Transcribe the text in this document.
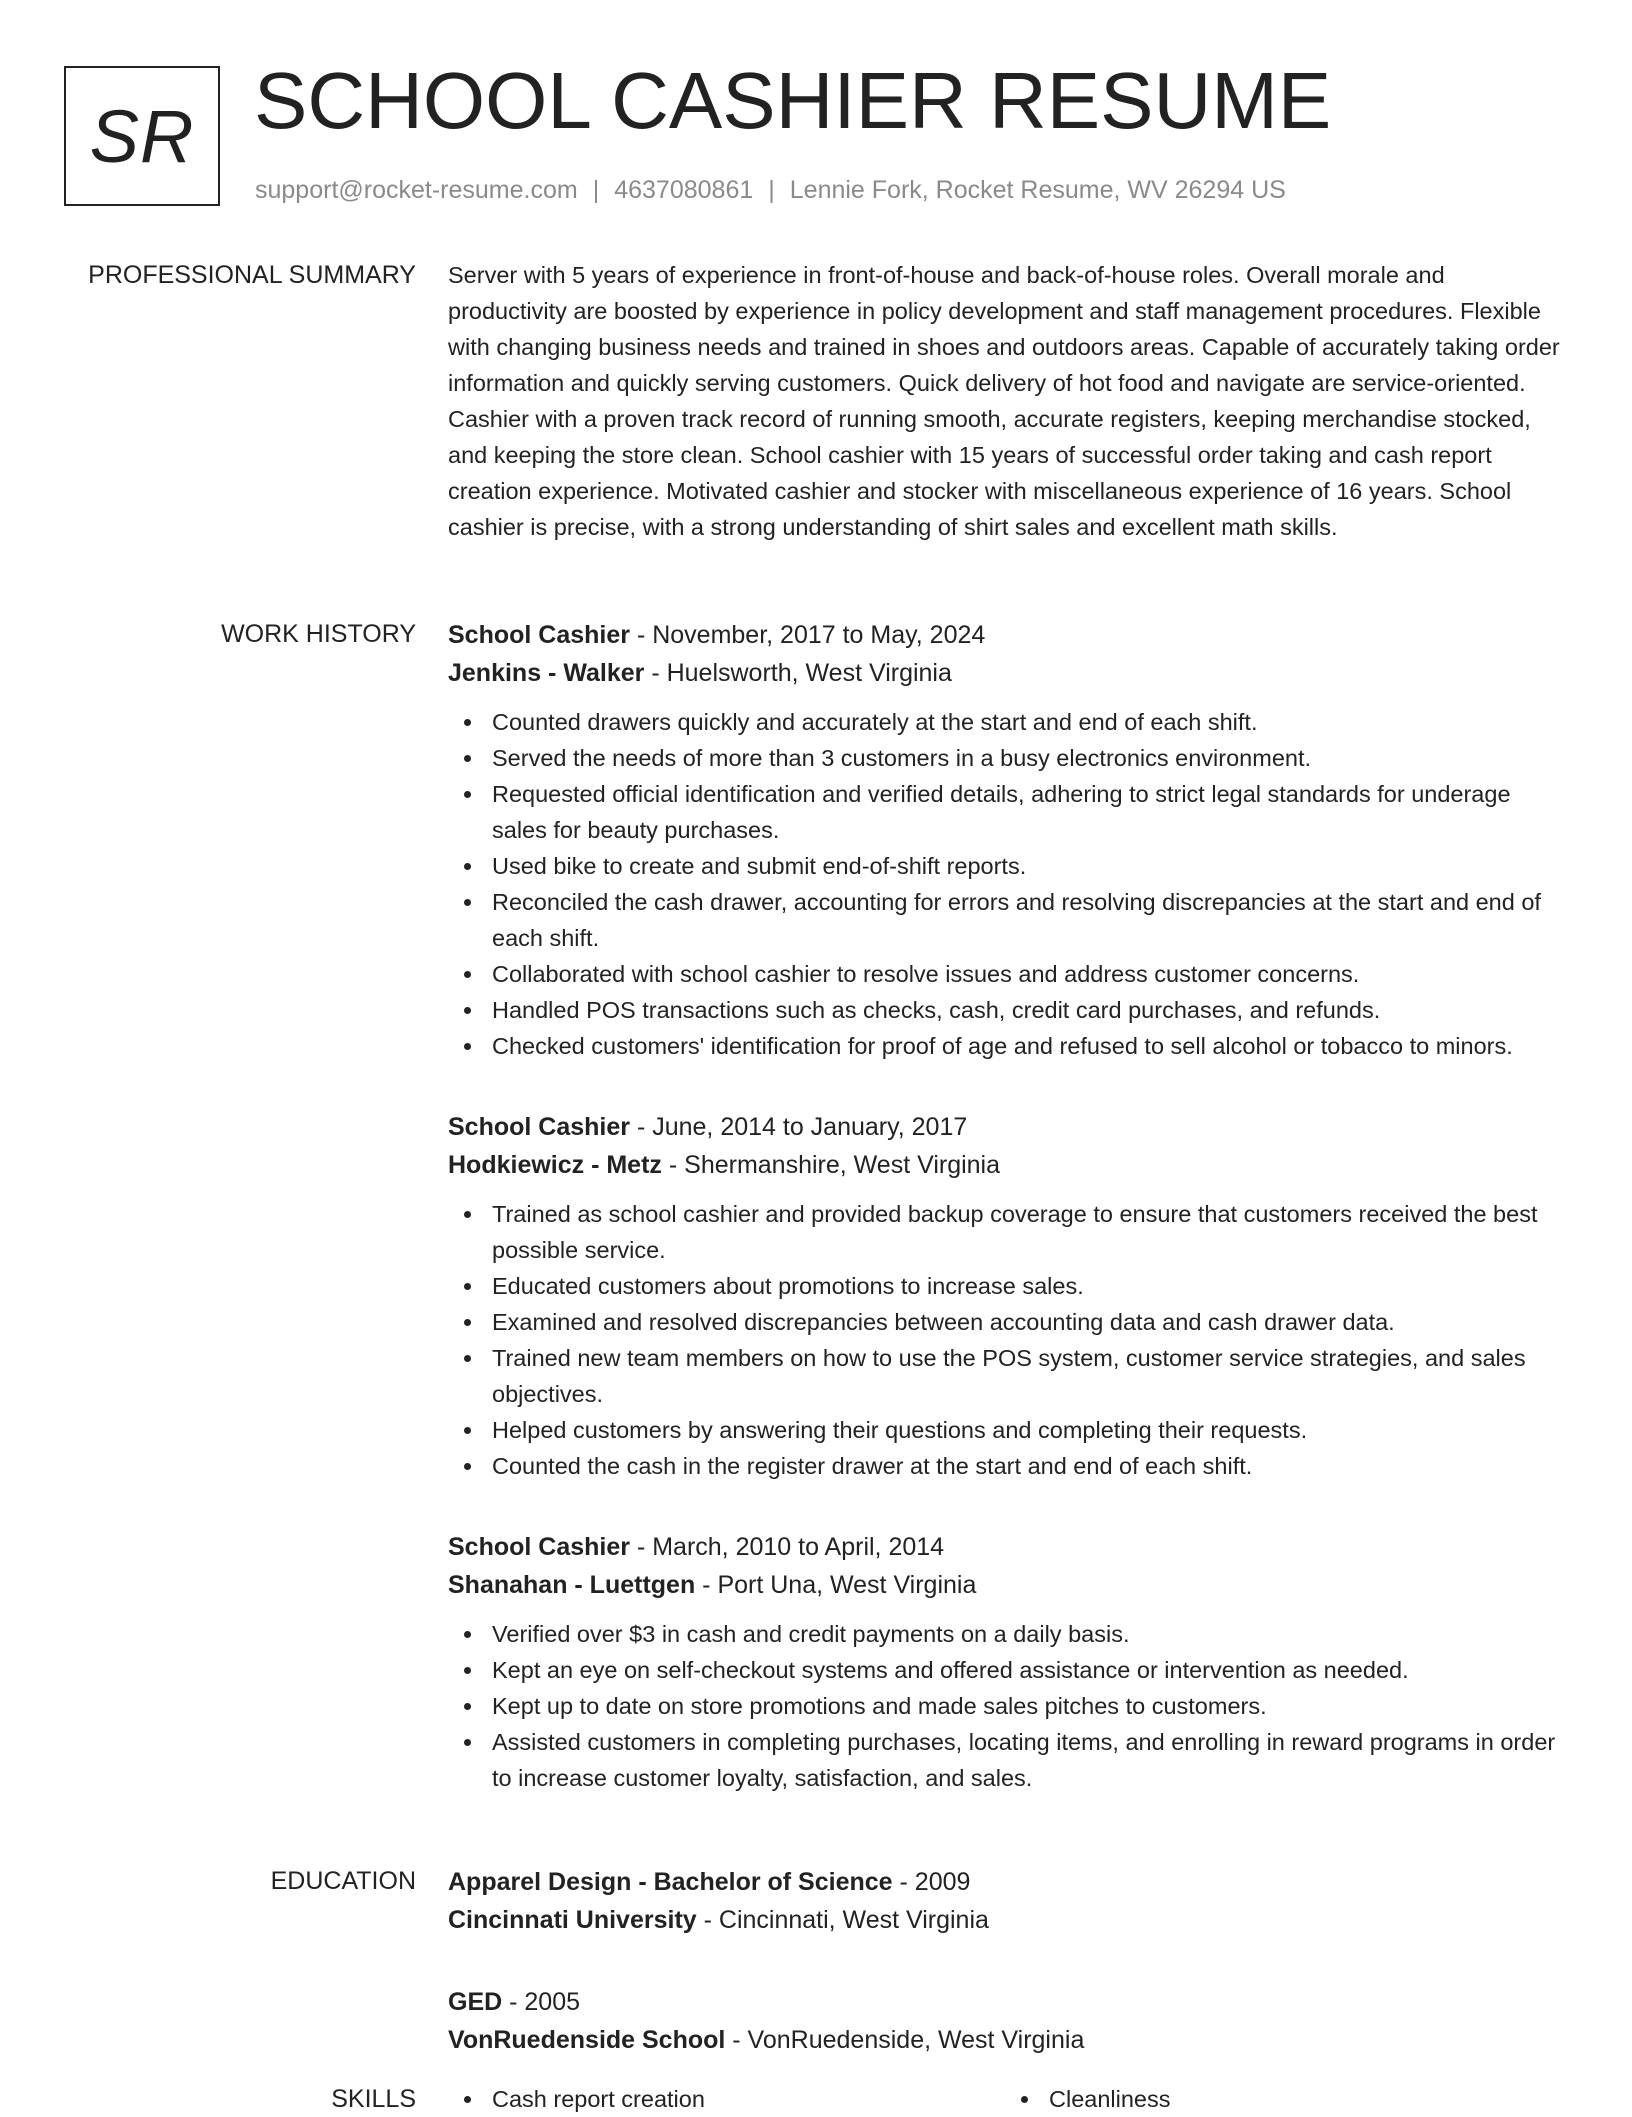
SR SCHOOL CASHIER RESUME
support@rocket-resume.com | 4637080861 | Lennie Fork, Rocket Resume, WV 26294 US
PROFESSIONAL SUMMARY Server with 5 years of experience in front-of-house and back-of-house roles. Overall morale and productivity are boosted by experience in policy development and staff management procedures. Flexible with changing business needs and trained in shoes and outdoors areas. Capable of accurately taking order information and quickly serving customers. Quick delivery of hot food and navigate are service-oriented. Cashier with a proven track record of running smooth, accurate registers, keeping merchandise stocked, and keeping the store clean. School cashier with 15 years of successful order taking and cash report creation experience. Motivated cashier and stocker with miscellaneous experience of 16 years. School cashier is precise, with a strong understanding of shirt sales and excellent math skills.

WORK HISTORY School Cashier - November, 2017 to May, 2024
Jenkins - Walker - Huelsworth, West Virginia
Counted drawers quickly and accurately at the start and end of each shift.
Served the needs of more than 3 customers in a busy electronics environment.
Requested official identification and verified details, adhering to strict legal standards for underage sales for beauty purchases.
Used bike to create and submit end-of-shift reports.
Reconciled the cash drawer, accounting for errors and resolving discrepancies at the start and end of each shift.
Collaborated with school cashier to resolve issues and address customer concerns.
Handled POS transactions such as checks, cash, credit card purchases, and refunds.
Checked customers' identification for proof of age and refused to sell alcohol or tobacco to minors.
School Cashier - June, 2014 to January, 2017
Hodkiewicz - Metz - Shermanshire, West Virginia
Trained as school cashier and provided backup coverage to ensure that customers received the best possible service.
Educated customers about promotions to increase sales.
Examined and resolved discrepancies between accounting data and cash drawer data.
Trained new team members on how to use the POS system, customer service strategies, and sales objectives.
Helped customers by answering their questions and completing their requests.
Counted the cash in the register drawer at the start and end of each shift.
School Cashier - March, 2010 to April, 2014
Shanahan - Luettgen - Port Una, West Virginia
Verified over $3 in cash and credit payments on a daily basis.
Kept an eye on self-checkout systems and offered assistance or intervention as needed.
Kept up to date on store promotions and made sales pitches to customers.
Assisted customers in completing purchases, locating items, and enrolling in reward programs in order to increase customer loyalty, satisfaction, and sales.
EDUCATION Apparel Design - Bachelor of Science - 2009
Cincinnati University - Cincinnati, West Virginia
GED - 2005
VonRuedenside School - VonRuedenside, West Virginia
SKILLS	Cash report creation	Cleanliness
